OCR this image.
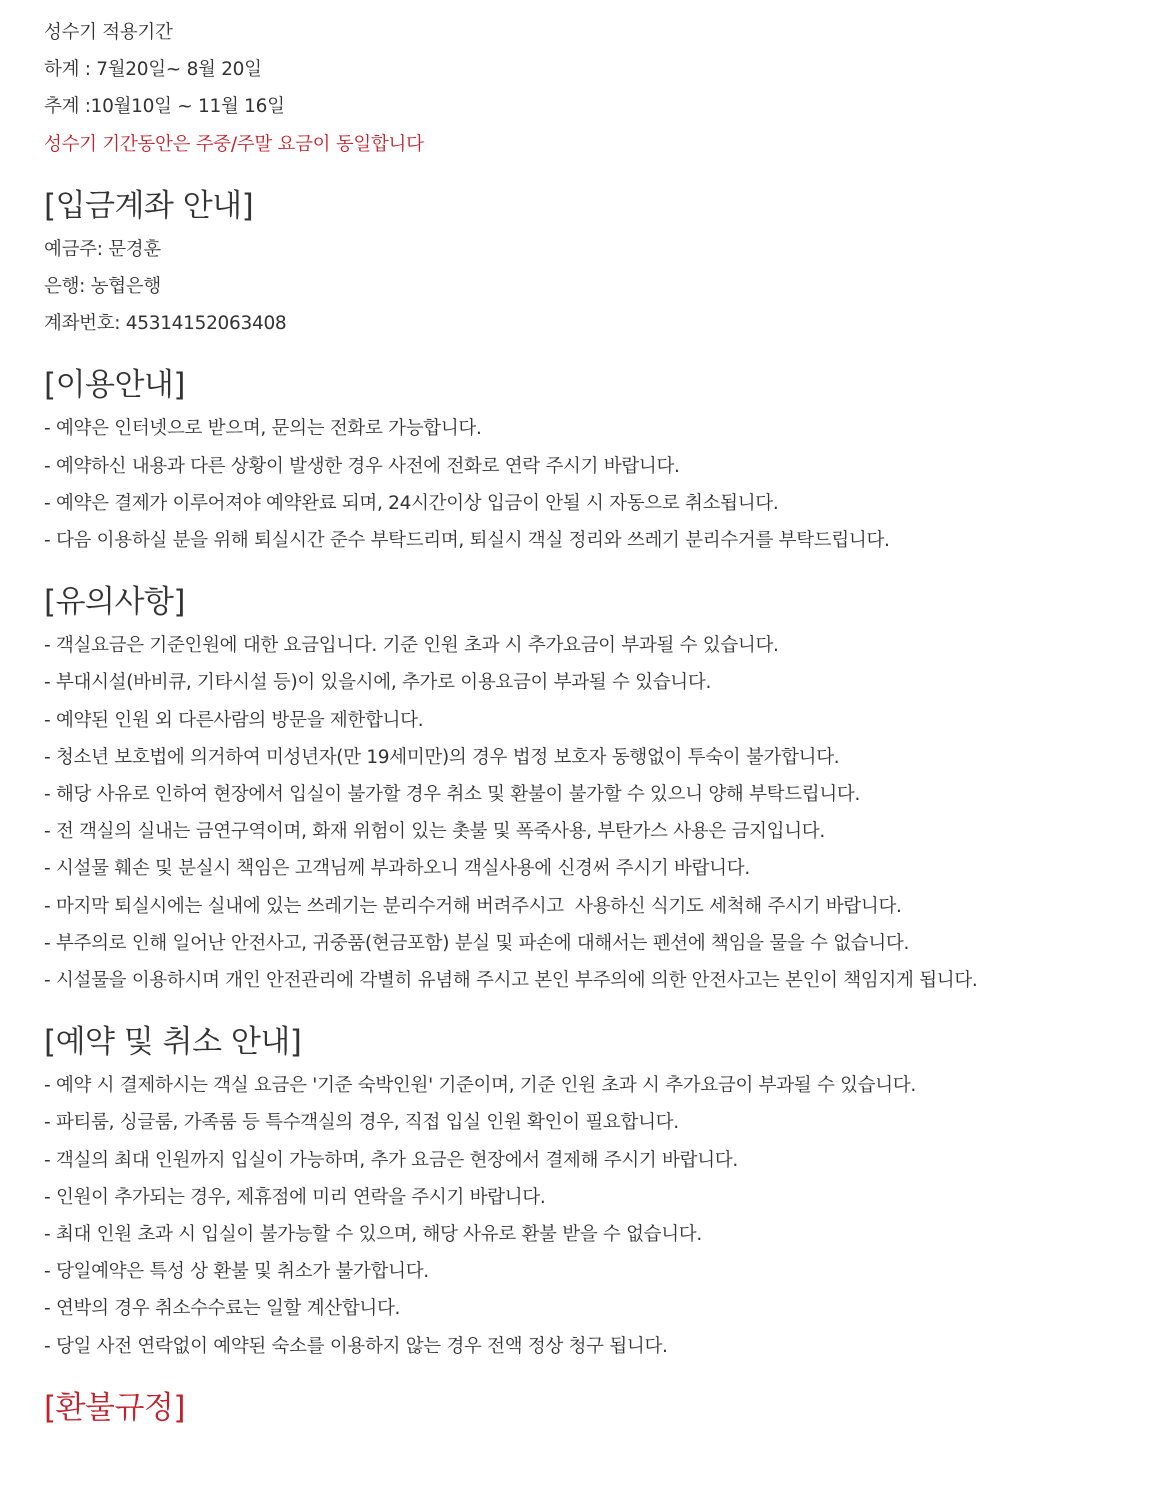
성수기 적용기간
하계 : 7월20일~ 8월 20일
추계 :10월10일 ~ 11월 16일
성수기 기간동안은 주중/주말 요금이 동일합니다
[입금계좌 안내]
예금주: 문경훈
은행: 농협은행
계좌번호: 45314152063408
[이용안내]
- 예약은 인터넷으로 받으며, 문의는 전화로 가능합니다.
- 예약하신 내용과 다른 상황이 발생한 경우 사전에 전화로 연락 주시기 바랍니다.
- 예약은 결제가 이루어져야 예약완료 되며, 24시간이상 입금이 안될 시 자동으로 취소됩니다.
- 다음 이용하실 분을 위해 퇴실시간 준수 부탁드리며, 퇴실시 객실 정리와 쓰레기 분리수거를 부탁드립니다.
[유의사항]
- 객실요금은 기준인원에 대한 요금입니다. 기준 인원 초과 시 추가요금이 부과될 수 있습니다.
- 부대시설(바비큐, 기타시설 등)이 있을시에, 추가로 이용요금이 부과될 수 있습니다.
- 예약된 인원 외 다른사람의 방문을 제한합니다.
- 청소년 보호법에 의거하여 미성년자(만 19세미만)의 경우 법정 보호자 동행없이 투숙이 불가합니다.
- 해당 사유로 인하여 현장에서 입실이 불가할 경우 취소 및 환불이 불가할 수 있으니 양해 부탁드립니다.
- 전 객실의 실내는 금연구역이며, 화재 위험이 있는 촛불 및 폭죽사용, 부탄가스 사용은 금지입니다.
- 시설물 훼손 및 분실시 책임은 고객님께 부과하오니 객실사용에 신경써 주시기 바랍니다.
- 마지막 퇴실시에는 실내에 있는 쓰레기는 분리수거해 버려주시고  사용하신 식기도 세척해 주시기 바랍니다.
- 부주의로 인해 일어난 안전사고, 귀중품(현금포함) 분실 및 파손에 대해서는 펜션에 책임을 물을 수 없습니다.
- 시설물을 이용하시며 개인 안전관리에 각별히 유념해 주시고 본인 부주의에 의한 안전사고는 본인이 책임지게 됩니다.
[예약 및 취소 안내]
- 예약 시 결제하시는 객실 요금은 '기준 숙박인원' 기준이며, 기준 인원 초과 시 추가요금이 부과될 수 있습니다.
- 파티룸, 싱글룸, 가족룸 등 특수객실의 경우, 직접 입실 인원 확인이 필요합니다.
- 객실의 최대 인원까지 입실이 가능하며, 추가 요금은 현장에서 결제해 주시기 바랍니다.
- 인원이 추가되는 경우, 제휴점에 미리 연락을 주시기 바랍니다.
- 최대 인원 초과 시 입실이 불가능할 수 있으며, 해당 사유로 환불 받을 수 없습니다.
- 당일예약은 특성 상 환불 및 취소가 불가합니다.
- 연박의 경우 취소수수료는 일할 계산합니다.
- 당일 사전 연락없이 예약된 숙소를 이용하지 않는 경우 전액 정상 청구 됩니다.
[환불규정]
